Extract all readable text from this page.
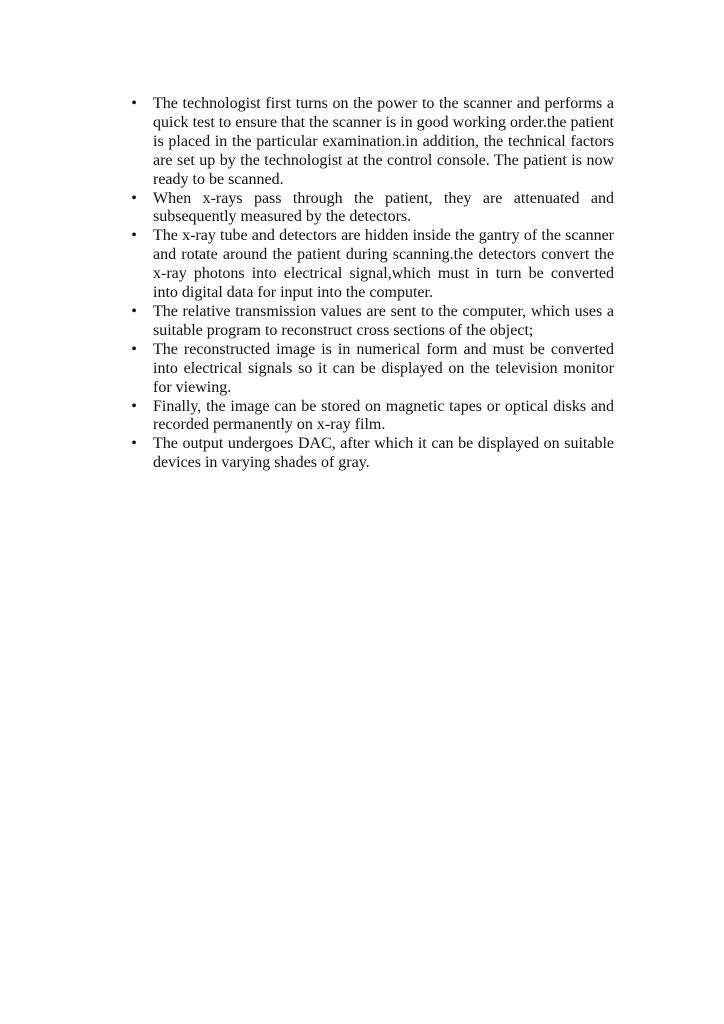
• The technologist first turns on the power to the scanner and performs a quick test to ensure that the scanner is in good working order.the patient is placed in the particular examination.in addition, the technical factors are set up by the technologist at the control console. The patient is now ready to be scanned.
• When x-rays pass through the patient, they are attenuated and subsequently measured by the detectors.
• The x-ray tube and detectors are hidden inside the gantry of the scanner and rotate around the patient during scanning.the detectors convert the x-ray photons into electrical signal,which must in turn be converted into digital data for input into the computer.
• The relative transmission values are sent to the computer, which uses a suitable program to reconstruct cross sections of the object;
• The reconstructed image is in numerical form and must be converted into electrical signals so it can be displayed on the television monitor for viewing.
• Finally, the image can be stored on magnetic tapes or optical disks and recorded permanently on x-ray film.
• The output undergoes DAC, after which it can be displayed on suitable devices in varying shades of gray.
